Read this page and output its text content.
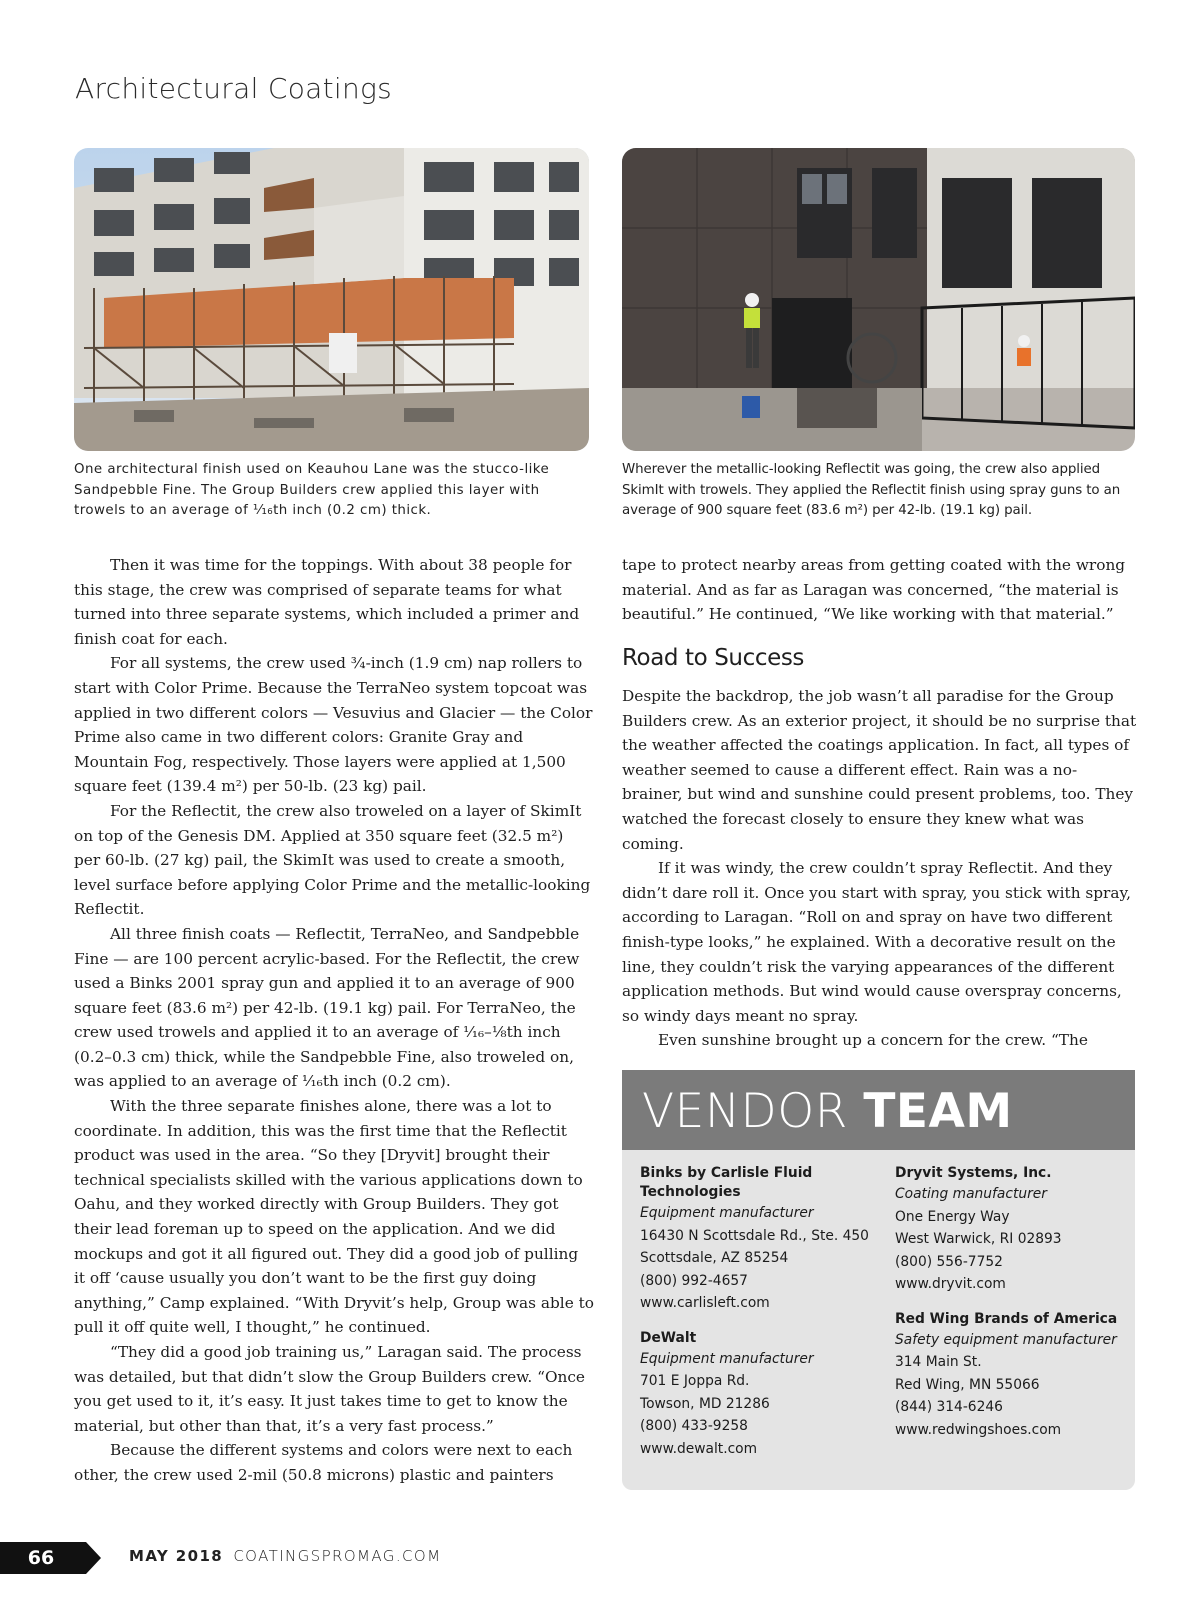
Architectural Coatings
One architectural finish used on Keauhou Lane was the stucco-like Sandpebble Fine. The Group Builders crew applied this layer with trowels to an average of ¹⁄₁₆th inch (0.2 cm) thick.
Wherever the metallic-looking Reflectit was going, the crew also applied SkimIt with trowels. They applied the Reflectit finish using spray guns to an average of 900 square feet (83.6 m²) per 42-lb. (19.1 kg) pail.

Then it was time for the toppings. With about 38 people for this stage, the crew was comprised of separate teams for what turned into three separate systems, which included a primer and finish coat for each.

For all systems, the crew used ¾-inch (1.9 cm) nap rollers to start with Color Prime. Because the TerraNeo system topcoat was applied in two different colors — Vesuvius and Glacier — the Color Prime also came in two different colors: Granite Gray and Mountain Fog, respectively. Those layers were applied at 1,500 square feet (139.4 m²) per 50-lb. (23 kg) pail.

For the Reflectit, the crew also troweled on a layer of SkimIt on top of the Genesis DM. Applied at 350 square feet (32.5 m²) per 60-lb. (27 kg) pail, the SkimIt was used to create a smooth, level surface before applying Color Prime and the metallic-looking Reflectit.

All three finish coats — Reflectit, TerraNeo, and Sandpebble Fine — are 100 percent acrylic-based. For the Reflectit, the crew used a Binks 2001 spray gun and applied it to an average of 900 square feet (83.6 m²) per 42-lb. (19.1 kg) pail. For TerraNeo, the crew used trowels and applied it to an average of ¹⁄₁₆–⅛th inch (0.2–0.3 cm) thick, while the Sandpebble Fine, also troweled on, was applied to an average of ¹⁄₁₆th inch (0.2 cm).

With the three separate finishes alone, there was a lot to coordinate. In addition, this was the first time that the Reflectit product was used in the area. “So they [Dryvit] brought their technical specialists skilled with the various applications down to Oahu, and they worked directly with Group Builders. They got their lead foreman up to speed on the application. And we did mockups and got it all figured out. They did a good job of pulling it off ‘cause usually you don’t want to be the first guy doing anything,” Camp explained. “With Dryvit’s help, Group was able to pull it off quite well, I thought,” he continued.

“They did a good job training us,” Laragan said. The process was detailed, but that didn’t slow the Group Builders crew. “Once you get used to it, it’s easy. It just takes time to get to know the material, but other than that, it’s a very fast process.”

Because the different systems and colors were next to each other, the crew used 2-mil (50.8 microns) plastic and painters

tape to protect nearby areas from getting coated with the wrong material. And as far as Laragan was concerned, “the material is beautiful.” He continued, “We like working with that material.”

Road to Success

Despite the backdrop, the job wasn’t all paradise for the Group Builders crew. As an exterior project, it should be no surprise that the weather affected the coatings application. In fact, all types of weather seemed to cause a different effect. Rain was a no-brainer, but wind and sunshine could present problems, too. They watched the forecast closely to ensure they knew what was coming.

If it was windy, the crew couldn’t spray Reflectit. And they didn’t dare roll it. Once you start with spray, you stick with spray, according to Laragan. “Roll on and spray on have two different finish-type looks,” he explained. With a decorative result on the line, they couldn’t risk the varying appearances of the different application methods. But wind would cause overspray concerns, so windy days meant no spray.

Even sunshine brought up a concern for the crew. “The

VENDOR TEAM
Binks by Carlisle Fluid Technologies
Equipment manufacturer
16430 N Scottsdale Rd., Ste. 450
Scottsdale, AZ 85254
(800) 992-4657
www.carlisleft.com
DeWalt
Equipment manufacturer
701 E Joppa Rd.
Towson, MD 21286
(800) 433-9258
www.dewalt.com
Dryvit Systems, Inc.
Coating manufacturer
One Energy Way
West Warwick, RI 02893
(800) 556-7752
www.dryvit.com
Red Wing Brands of America
Safety equipment manufacturer
314 Main St.
Red Wing, MN 55066
(844) 314-6246
www.redwingshoes.com
66	MAY 2018 COATINGSPROMAG.COM
